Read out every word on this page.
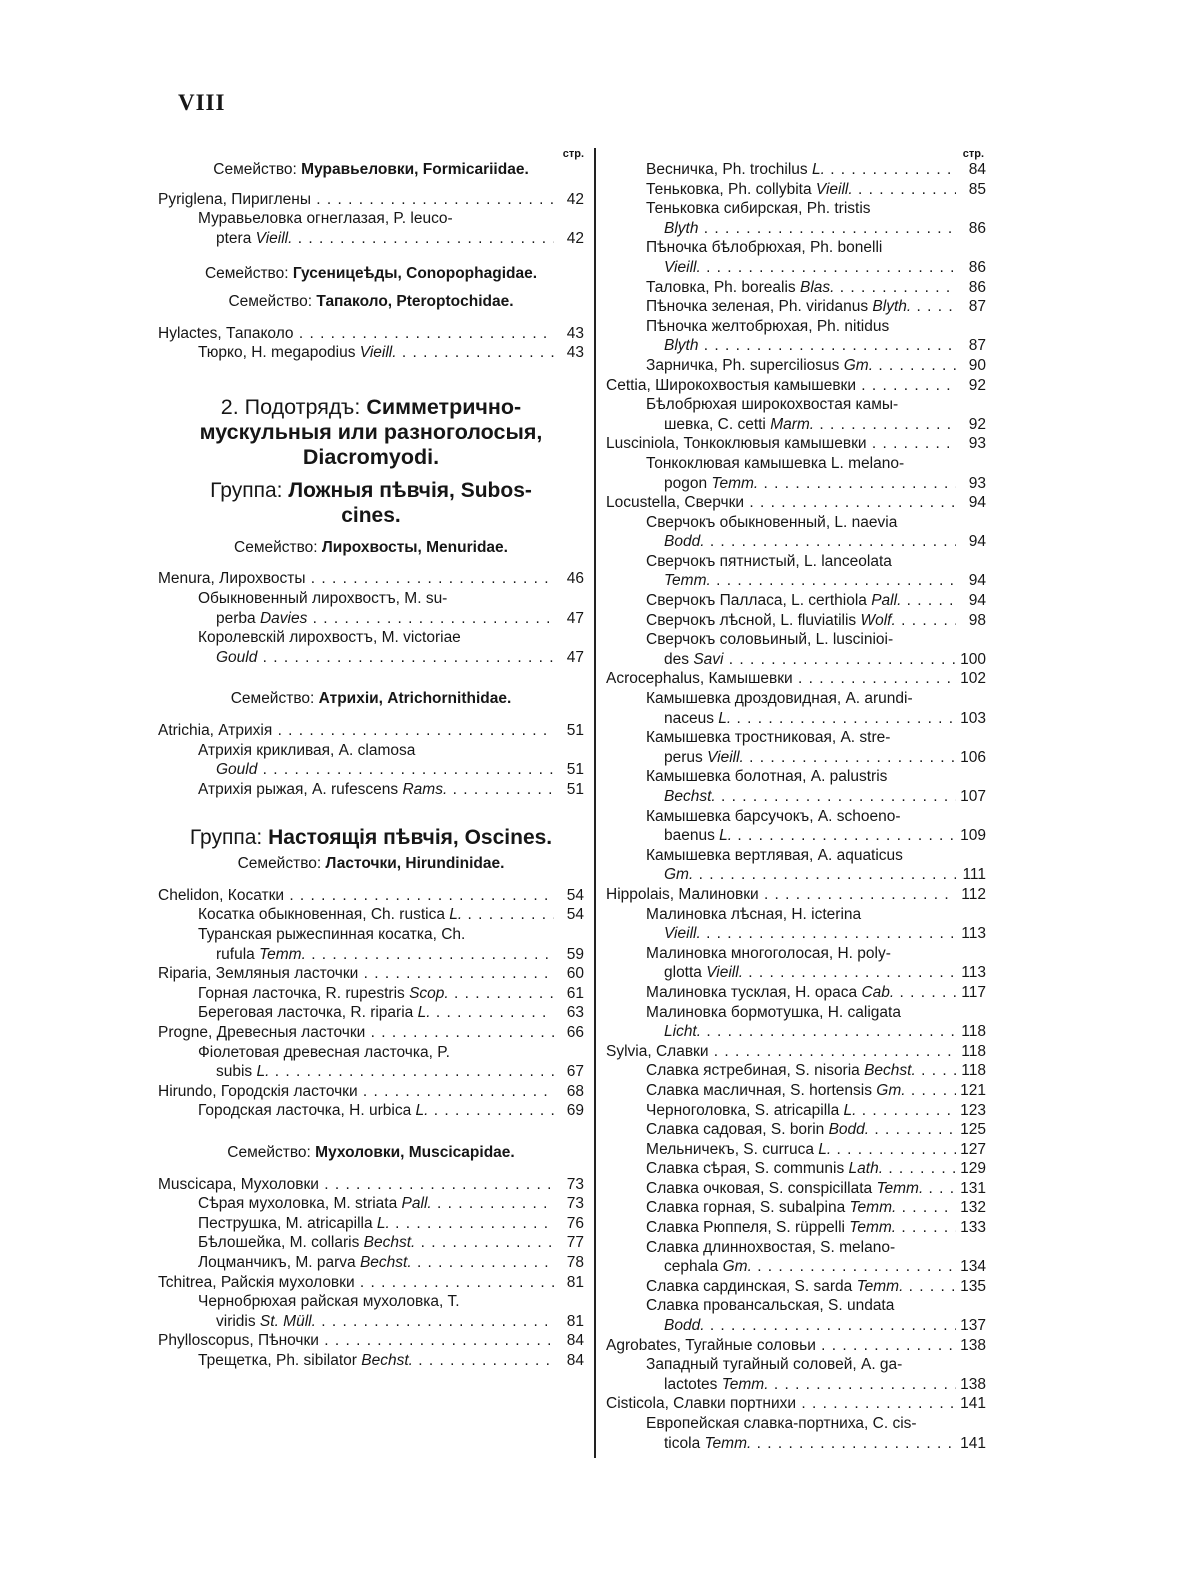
VIII
стр.
Семейство: Муравьеловки, Formicariidae.
Pyriglena, Пириглены . . .	42
Муравьеловка огнеглазая, P. leuco-
ptera Vieill. . . .	42
Семейство: Гусеницеѣды, Conopophagidae.
Семейство: Тапаколо, Pteroptochidae.
Hylactes, Тапаколо . . .	43
Тюрко, H. megapodius Vieill. . . .	43
2. Подотрядъ: Симметрично-
мускульныя или разноголосыя,
Diacromyodi.
Группа: Ложныя пѣвчія, Subos-
cines.
Семейство: Лирохвосты, Menuridae.
Menura, Лирохвосты . . .	46
Обыкновенный лирохвостъ, M. su-
perba Davies . . .	47
Королевскій лирохвостъ, M. victoriae
Gould . . .	47
Семейство: Атрихіи, Atrichornithidae.
Atrichia, Атрихія . . .	51
Атрихія крикливая, A. clamosa
Gould . . .	51
Атрихія рыжая, A. rufescens Rams. . . .	51
Группа: Настоящія пѣвчія, Oscines.
Семейство: Ласточки, Hirundinidae.
Chelidon, Косатки . . .	54
Косатка обыкновенная, Ch. rustica L. . . .	54
Туранская рыжеспинная косатка, Ch.
rufula Temm. . . .	59
Riparia, Земляныя ласточки . . .	60
Горная ласточка, R. rupestris Scop. . . .	61
Береговая ласточка, R. riparia L. . . .	63
Progne, Древесныя ласточки . . .	66
Фіолетовая древесная ласточка, P.
subis L. . . .	67
Hirundo, Городскія ласточки . . .	68
Городская ласточка, H. urbica L. . . .	69
Семейство: Мухоловки, Muscicapidae.
Muscicapa, Мухоловки . . .	73
Сѣрая мухоловка, M. striata Pall. . . .	73
Пеструшка, M. atricapilla L. . . .	76
Бѣлошейка, M. collaris Bechst. . . .	77
Лоцманчикъ, M. parva Bechst. . . .	78
Tchitrea, Райскія мухоловки . . .	81
Чернобрюхая райская мухоловка, T.
viridis St. Müll. . . .	81
Phylloscopus, Пѣночки . . .	84
Трещетка, Ph. sibilator Bechst. . . .	84
стр.
Весничка, Ph. trochilus L. . . .	84
Теньковка, Ph. collybita Vieill. . . .	85
Теньковка сибирская, Ph. tristis
Blyth . . .	86
Пѣночка бѣлобрюхая, Ph. bonelli
Vieill. . . .	86
Таловка, Ph. borealis Blas. . . .	86
Пѣночка зеленая, Ph. viridanus Blyth. . . .	87
Пѣночка желтобрюхая, Ph. nitidus
Blyth . . .	87
Зарничка, Ph. superciliosus Gm. . . .	90
Cettia, Широкохвостыя камышевки . . .	92
Бѣлобрюхая широкохвостая камы-
шевка, C. cetti Marm. . . .	92
Lusciniola, Тонкоклювыя камышевки . . .	93
Тонкоклювая камышевка L. melano-
pogon Temm. . . .	93
Locustella, Сверчки . . .	94
Сверчокъ обыкновенный, L. naevia
Bodd. . . .	94
Сверчокъ пятнистый, L. lanceolata
Temm. . . .	94
Сверчокъ Палласа, L. certhiola Pall. . . .	94
Сверчокъ лѣсной, L. fluviatilis Wolf. . . .	98
Сверчокъ соловьиный, L. lusciniоi-
des Savi . . .	100
Acrocephalus, Камышевки . . .	102
Камышевка дроздовидная, A. arundi-
naceus L. . . .	103
Камышевка тростниковая, A. stre-
perus Vieill. . . .	106
Камышевка болотная, A. palustris
Bechst. . . .	107
Камышевка барсучокъ, A. schoeno-
baenus L. . . .	109
Камышевка вертлявая, A. aquaticus
Gm. . . .	111
Hippolais, Малиновки . . .	112
Малиновка лѣсная, H. icterina
Vieill. . . .	113
Малиновка многоголосая, H. poly-
glotta Vieill. . . .	113
Малиновка тусклая, H. opaca Cab. . . .	117
Малиновка бормотушка, H. caligata
Licht. . . .	118
Sylvia, Славки . . .	118
Славка ястребиная, S. nisoria Bechst. . . .	118
Славка масличная, S. hortensis Gm. . . .	121
Черноголовка, S. atricapilla L. . . .	123
Славка садовая, S. borin Bodd. . . .	125
Мельничекъ, S. curruca L. . . .	127
Славка сѣрая, S. communis Lath. . . .	129
Славка очковая, S. conspicillata Temm. . . .	131
Славка горная, S. subalpina Temm. . . .	132
Славка Рюппеля, S. rüppelli Temm. . . .	133
Славка длиннохвостая, S. melano-
cephala Gm. . . .	134
Славка сардинская, S. sarda Temm. . . .	135
Славка провансальская, S. undata
Bodd. . . .	137
Agrobates, Тугайные соловьи . . .	138
Западный тугайный соловей, A. ga-
lactotes Temm. . . .	138
Cisticola, Славки портнихи . . .	141
Европейская славка-портниха, C. cis-
ticola Temm. . . .	141
